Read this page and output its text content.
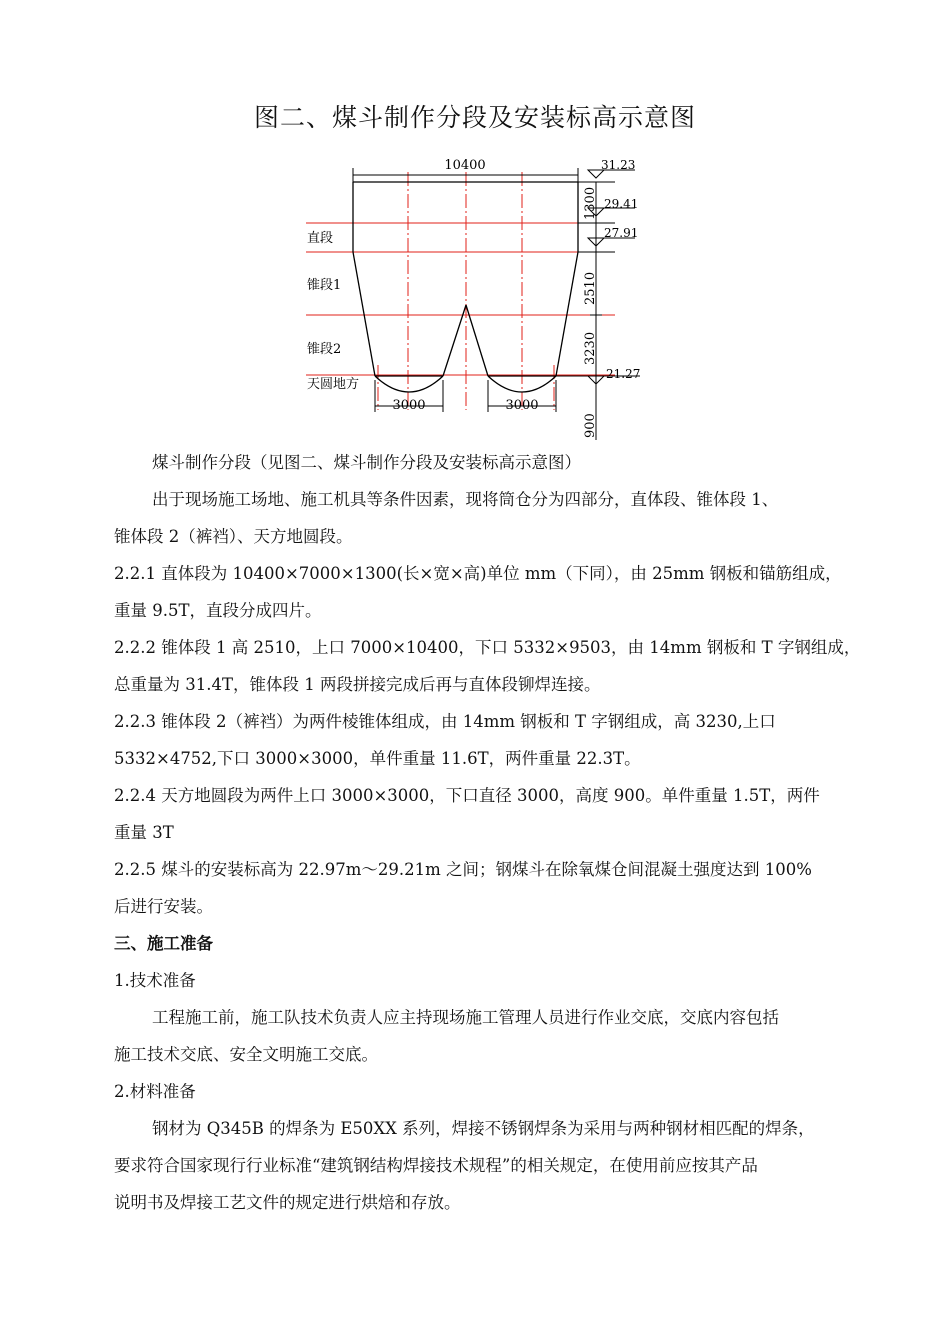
图二、煤斗制作分段及安装标高示意图
10400
3000	3000
31.23
29.41
27.91
21.27
1300
2510
3230
900
直段
锥段1
锥段2
天圆地方
煤斗制作分段（见图二、煤斗制作分段及安装标高示意图）
出于现场施工场地、施工机具等条件因素，现将筒仓分为四部分，直体段、锥体段 1、
锥体段 2（裤裆）、天方地圆段。
2.2.1 直体段为 10400×7000×1300(长×宽×高)单位 mm（下同），由 25mm 钢板和锚筋组成，
重量 9.5T，直段分成四片。
2.2.2 锥体段 1 高 2510，上口 7000×10400，下口 5332×9503，由 14mm 钢板和 T 字钢组成，
总重量为 31.4T，锥体段 1 两段拼接完成后再与直体段铆焊连接。
2.2.3 锥体段 2（裤裆）为两件棱锥体组成，由 14mm 钢板和 T 字钢组成，高 3230,上口
5332×4752,下口 3000×3000，单件重量 11.6T，两件重量 22.3T。
2.2.4 天方地圆段为两件上口 3000×3000，下口直径 3000，高度 900。单件重量 1.5T，两件
重量 3T
2.2.5 煤斗的安装标高为 22.97m～29.21m 之间；钢煤斗在除氧煤仓间混凝土强度达到 100%
后进行安装。
三、施工准备
1.技术准备
工程施工前，施工队技术负责人应主持现场施工管理人员进行作业交底，交底内容包括
施工技术交底、安全文明施工交底。
2.材料准备
钢材为 Q345B 的焊条为 E50XX 系列，焊接不锈钢焊条为采用与两种钢材相匹配的焊条，
要求符合国家现行行业标准“建筑钢结构焊接技术规程”的相关规定，在使用前应按其产品
说明书及焊接工艺文件的规定进行烘焙和存放。
